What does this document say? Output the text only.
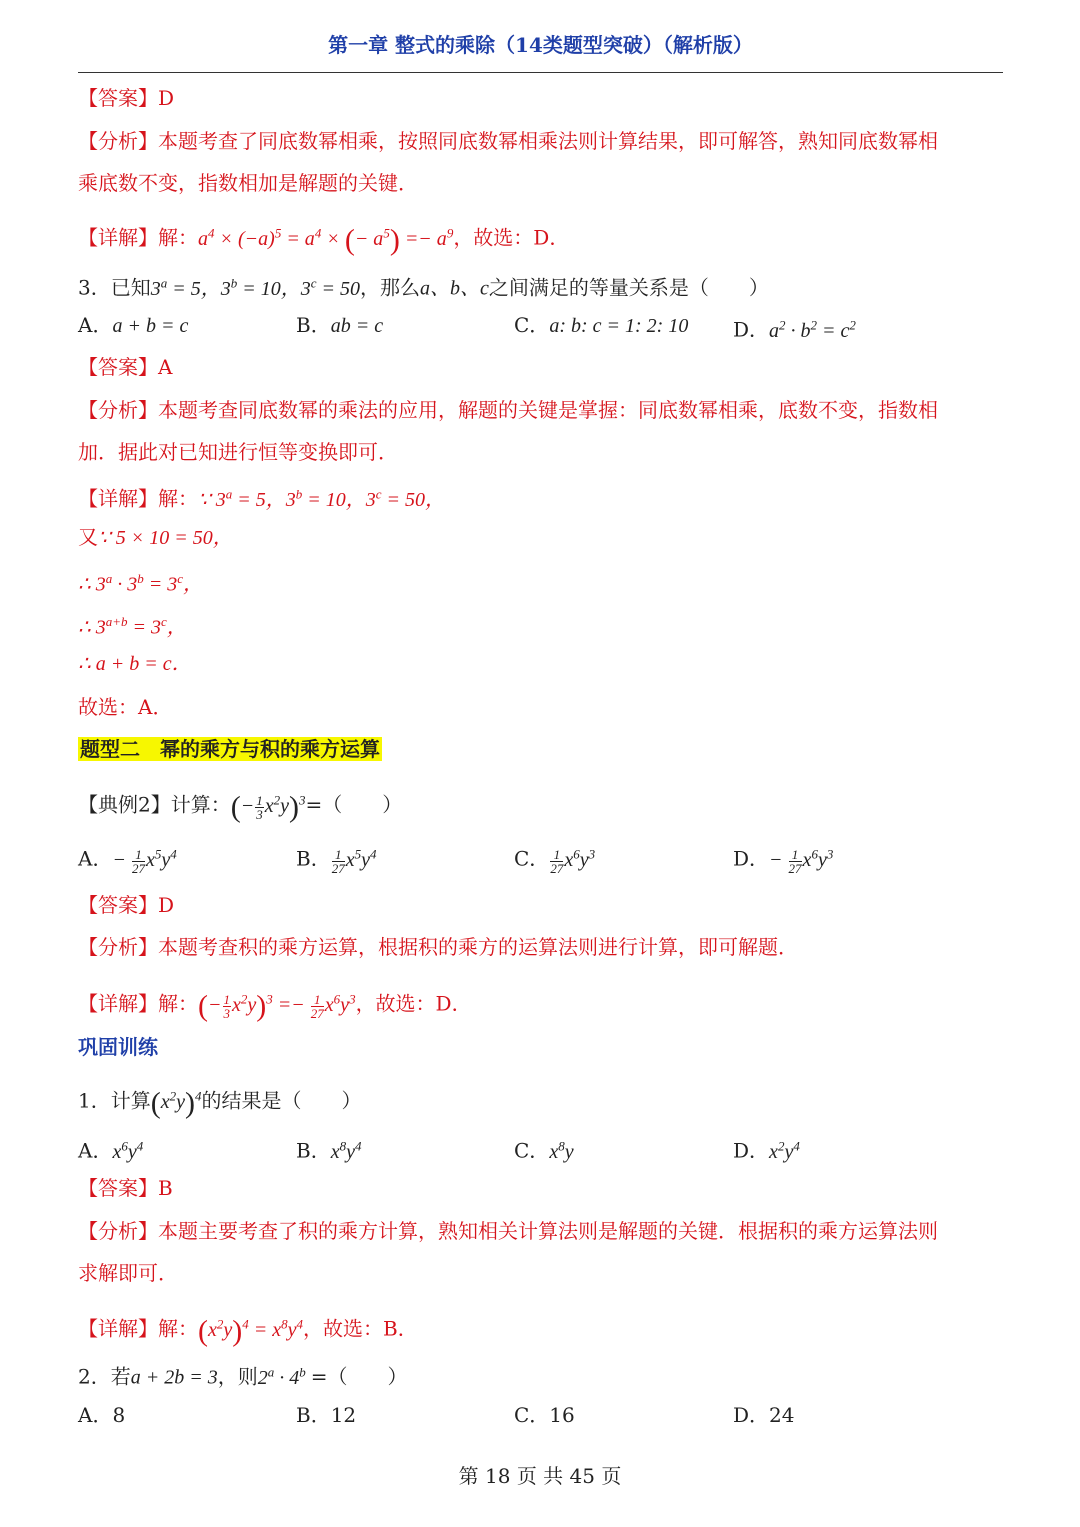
第一章 整式的乘除（14类题型突破）（解析版）
【答案】D
【分析】本题考查了同底数幂相乘，按照同底数幂相乘法则计算结果，即可解答，熟知同底数幂相
乘底数不变，指数相加是解题的关键．
【详解】解：$a^4 \times (-a)^5 = a^4$ × (− $a^5) =- a^9$，故选：D．
3．已知$3^a = 5$，$3^b = 10$，$3^c = 50$，那么a、b、c之间满足的等量关系是（　　）
A．a + b = c	B．ab = c	C．a: b: c = 1: 2: 10 D．$a^2 \cdot b^2 = c^2$
【答案】A
【分析】本题考查同底数幂的乘法的应用，解题的关键是掌握：同底数幂相乘，底数不变，指数相
加．据此对已知进行恒等变换即可．
【详解】解：∵ $3^a = 5$，$3^b = 10$，$3^c = 50$，
又∵ 5 × 10 = 50，
∴ $3^a \cdot 3^b = 3^c$，
∴ $3^{a+b} = 3^c$，
∴ a + b = c．
故选：A．
题型二　幂的乘方与积的乘方运算
【典例2】计算：(− $\frac{1}{3} x^2y)^3=$（　　）
A．− $\frac{1}{27} x^5y^4$	B． $\frac{1}{27} x^5y^4$	C． $\frac{1}{27} x^6y^3$	D．− $\frac{1}{27} x^6y^3$
【答案】D
【分析】本题考查积的乘方运算，根据积的乘方的运算法则进行计算，即可解题．
【详解】解：(− $\frac{1}{3} x^2y)^3 =- \frac{1}{27} x^6y^3$，故选：D．
巩固训练
1．计算$(x^2y)^4$的结果是（　　）
A．$x^6y^4$	B．$x^8y^4$	C．$x^8y$	D．$x^2y^4$
【答案】B
【分析】本题主要考查了积的乘方计算，熟知相关计算法则是解题的关键．根据积的乘方运算法则
求解即可．
【详解】解：$(x^2y)^4 = x^8y^4$，故选：B．
2．若a + 2b = 3，则$2^a \cdot 4^b$ =（　　）
A．8	B．12	C．16	D．24
第 18 页 共 45 页
